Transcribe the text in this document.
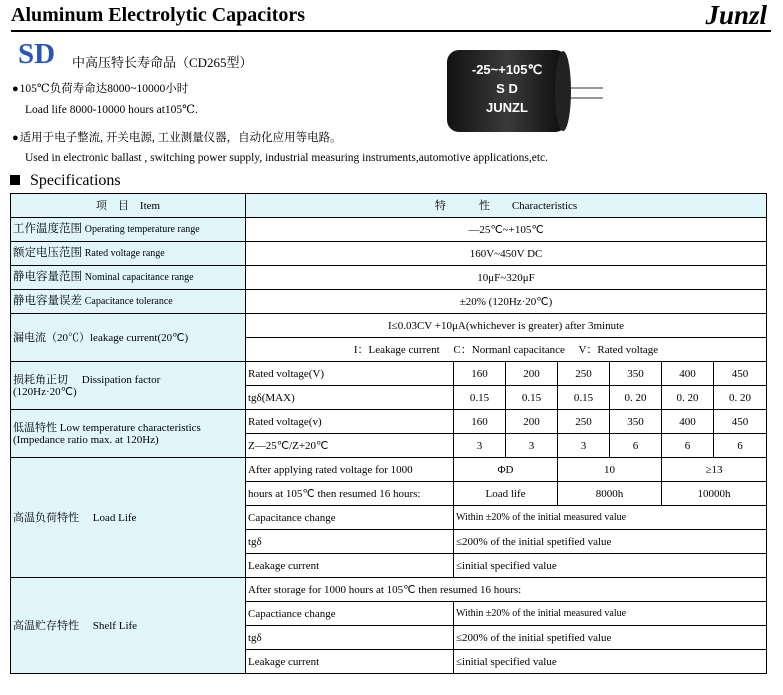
Aluminum Electrolytic Capacitors	Junzl
SD 中高压特长寿命品（CD265型）
●105℃负荷寿命达8000~10000小时
Load life 8000-10000 hours at105℃.
●适用于电子整流, 开关电源, 工业测量仪器，自动化应用等电路。
Used in electronic ballast , switching power supply, industrial measuring instruments,automotive applications,etc.
-25~+105℃
S D
JUNZL
Specifications
项　目　Item	特　　　性　　Characteristics						
工作温度范围 Operating temperature range	—25℃~+105℃						
额定电压范围 Rated voltage range	160V~450V DC						
静电容量范围 Nominal capacitance range	10μF~320μF						
静电容量误差 Capacitance tolerance	±20% (120Hz·20℃)						
漏电流（20℃）leakage current(20℃)	I≤0.03CV +10μA(whichever is greater) after 3minute						
	I：Leakage current　 C：Normanl capacitance　 V：Rated voltage						
损耗角正切　 Dissipation factor
(120Hz·20℃)	Rated voltage(V)	160	200	250	350	400	450
	tgδ(MAX)	0.15	0.15	0.15	0. 20	0. 20	0. 20
低温特性 Low temperature characteristics
(Impedance ratio max. at 120Hz)	Rated voltage(v)	160	200	250	350	400	450
	Z—25℃/Z+20℃	3	3	3	6	6	6
高温负荷特性　 Load Life	After applying rated voltage for 1000	ΦD		10		≥13	
	hours at 105℃ then resumed 16 hours:	Load life		8000h		10000h	
	Capacitance change	Within ±20% of the initial measured value					
	tgδ	≤200% of the initial spetified value					
	Leakage current	≤initial specified value					
高温贮存特性　 Shelf Life	After storage for 1000 hours at 105℃ then resumed 16 hours:						
	Capactiance change	Within ±20% of the initial measured value					
	tgδ	≤200% of the initial spetified value					
	Leakage current	≤initial specified value					
